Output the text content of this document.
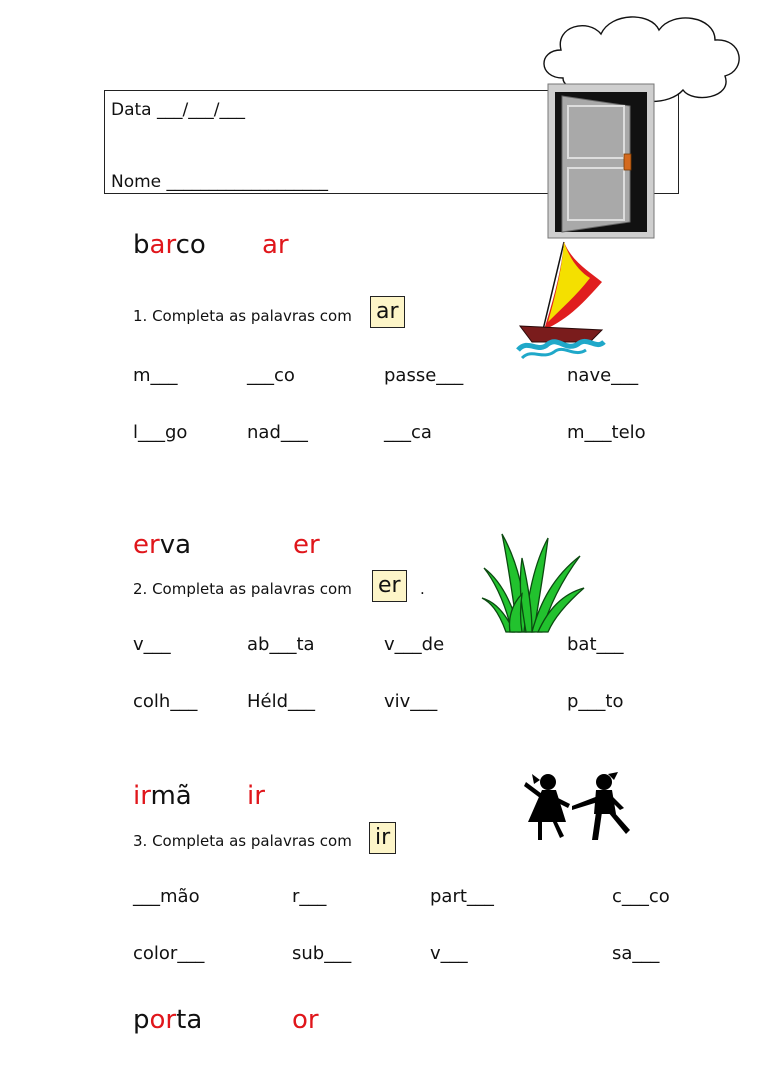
Data ___/___/___
Nome ___________________
barco ar
1. Completa as palavras com ar
m___	___co	passe___	nave___
l___go	nad___	___ca	m___telo
erva	er
2. Completa as palavras com er	.
v___	ab___ta	v___de	bat___
colh___	Héld___	viv___	p___to
irmã ir
3. Completa as palavras com ir
___mão	r___	part___	c___co
color___	sub___	v___	sa___
porta	or
